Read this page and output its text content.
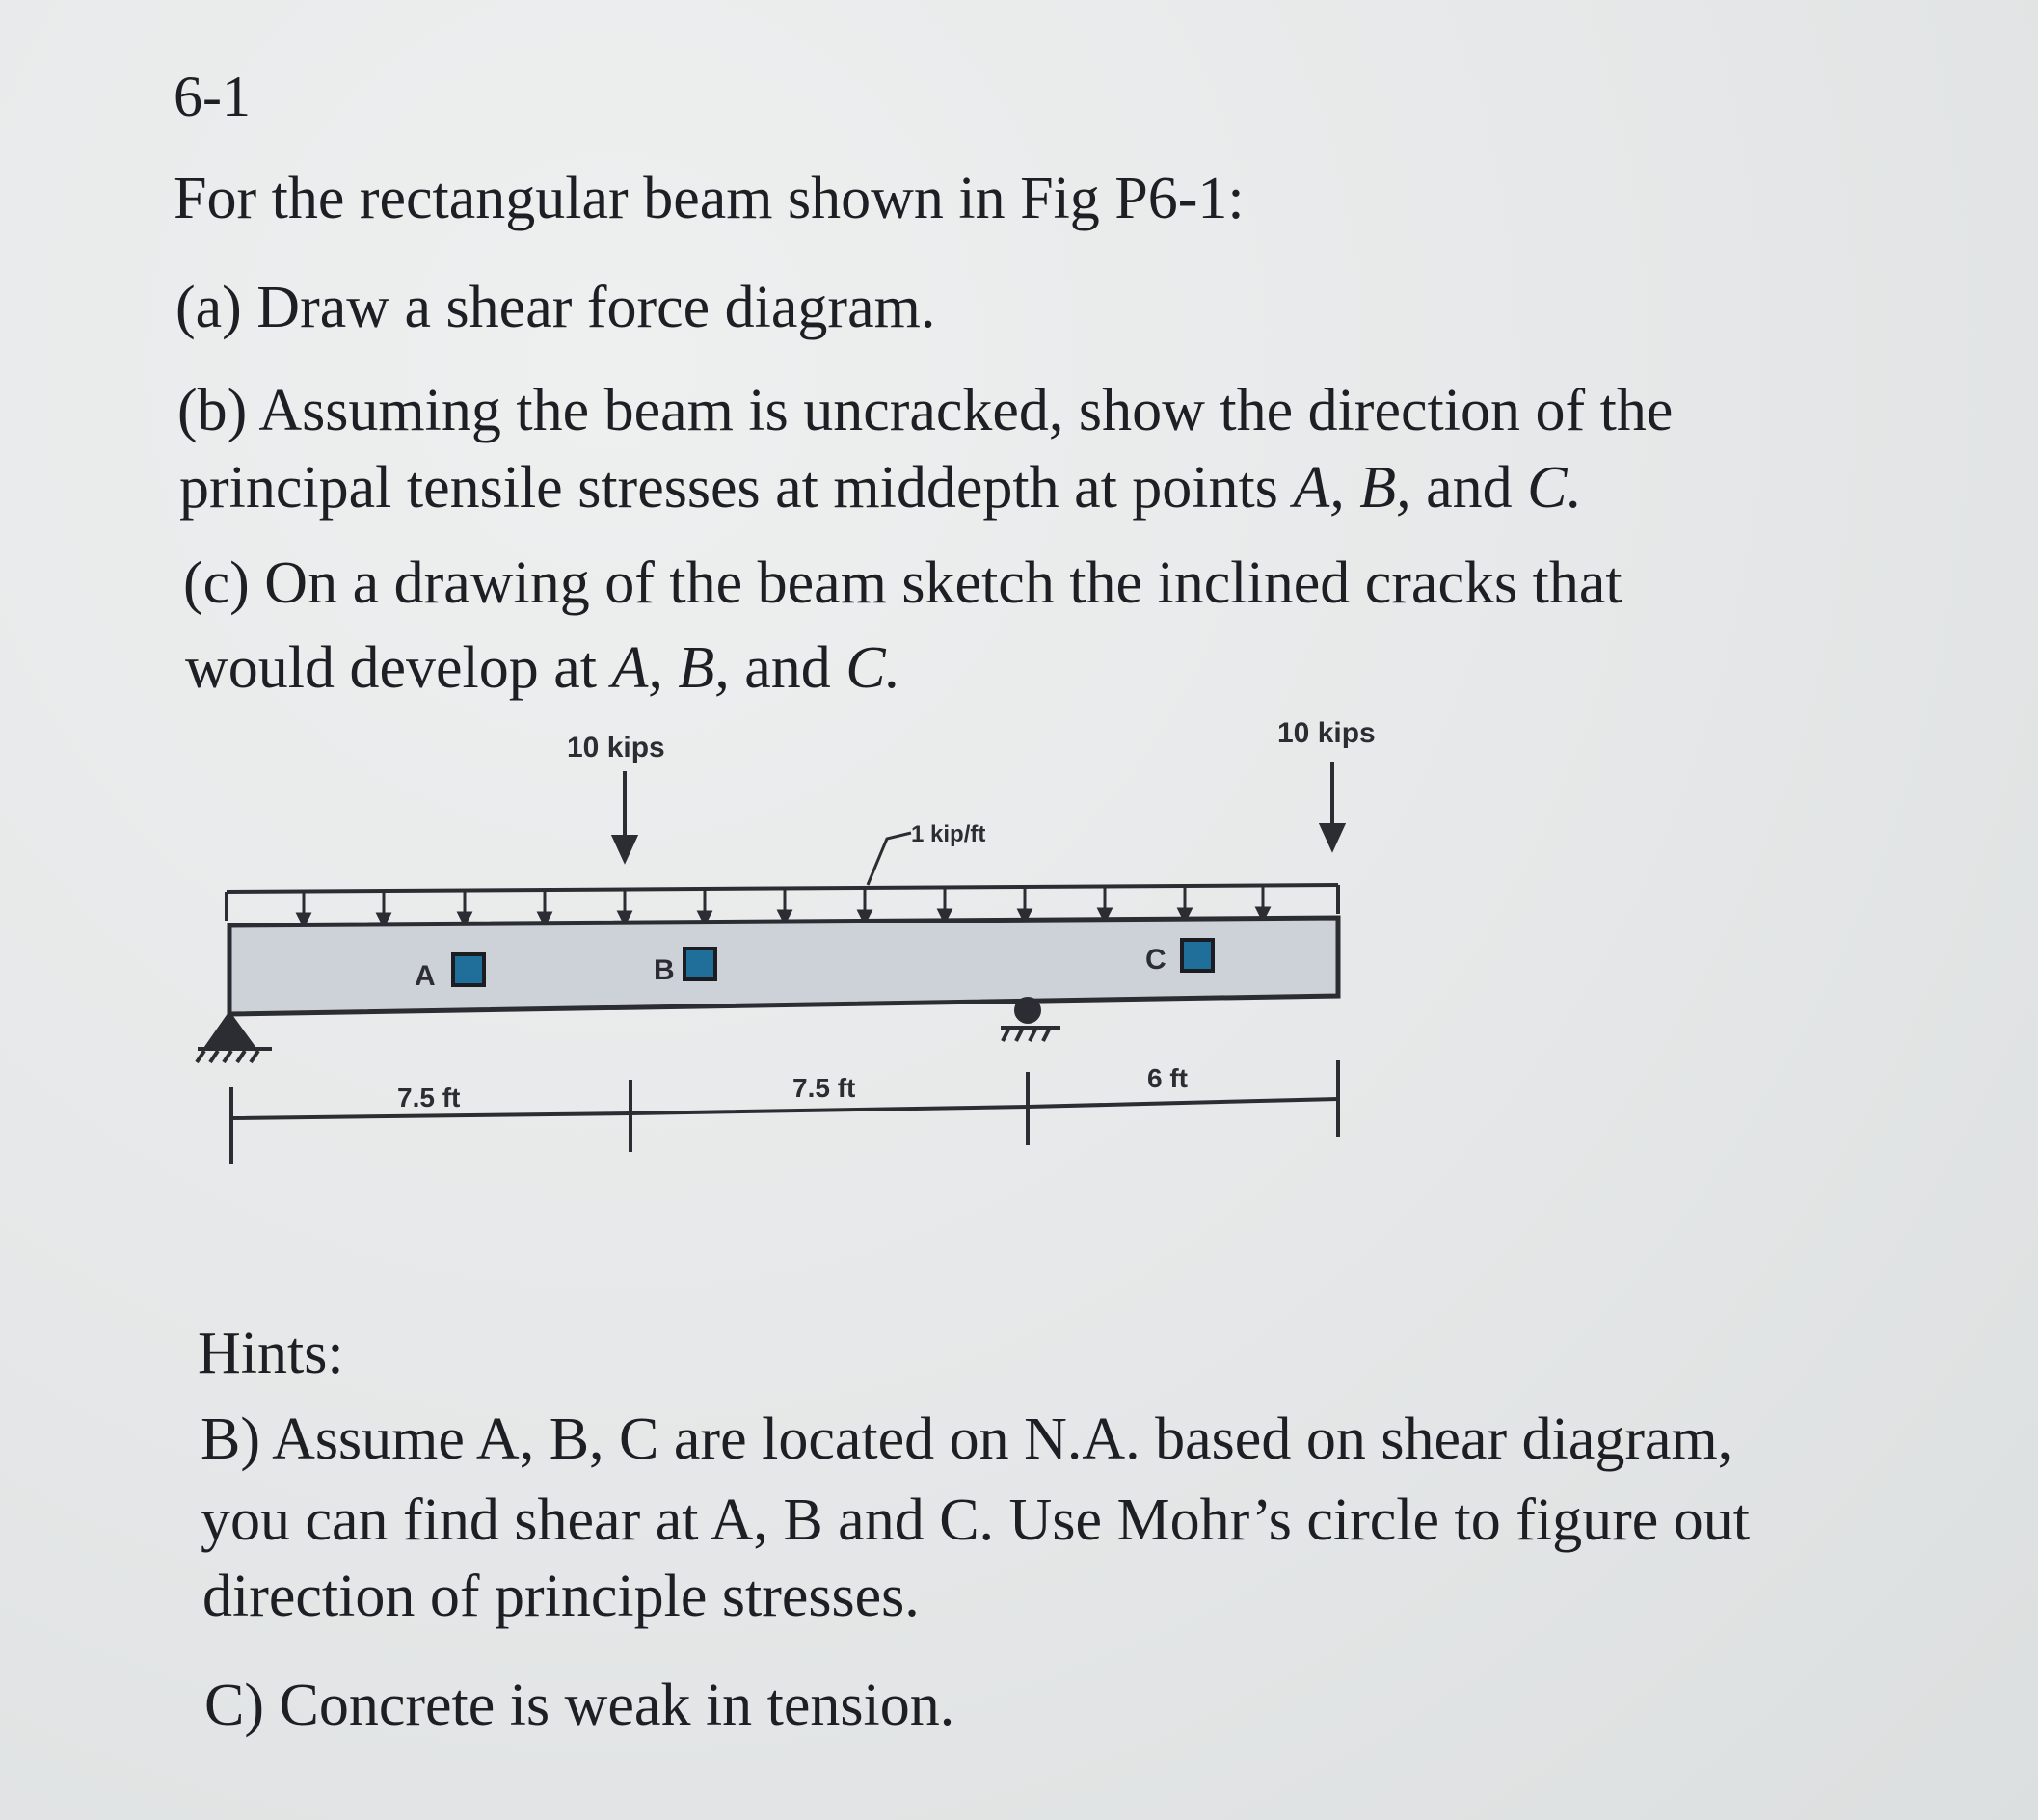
6-1

For the rectangular beam shown in Fig P6-1:

(a) Draw a shear force diagram.

(b) Assuming the beam is uncracked, show the direction of the

principal tensile stresses at middepth at points A, B, and C.

(c) On a drawing of the beam sketch the inclined cracks that

would develop at A, B, and C.

10 kips	10 kips
1 kip/ft
A	B	C
7.5 ft	7.5 ft	6 ft

Hints:

B) Assume A, B, C are located on N.A. based on shear diagram,

you can find shear at A, B and C. Use Mohr’s circle to figure out

direction of principle stresses.

C) Concrete is weak in tension.
